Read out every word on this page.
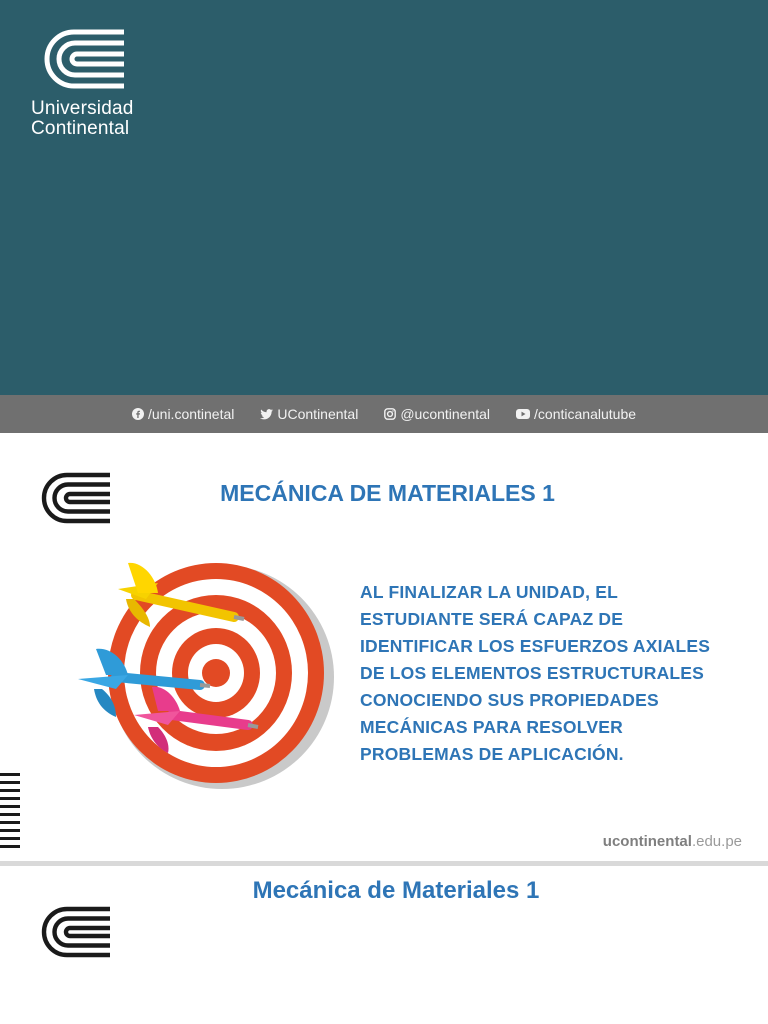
Universidad
Continental
/uni.continetal	UContinental	@ucontinental	/conticanalutube
MECÁNICA DE MATERIALES 1
AL FINALIZAR LA UNIDAD, EL
ESTUDIANTE SERÁ CAPAZ DE
IDENTIFICAR LOS ESFUERZOS AXIALES
DE LOS ELEMENTOS ESTRUCTURALES
CONOCIENDO SUS PROPIEDADES
MECÁNICAS PARA RESOLVER
PROBLEMAS DE APLICACIÓN.
ucontinental.edu.pe
Mecánica de Materiales 1
